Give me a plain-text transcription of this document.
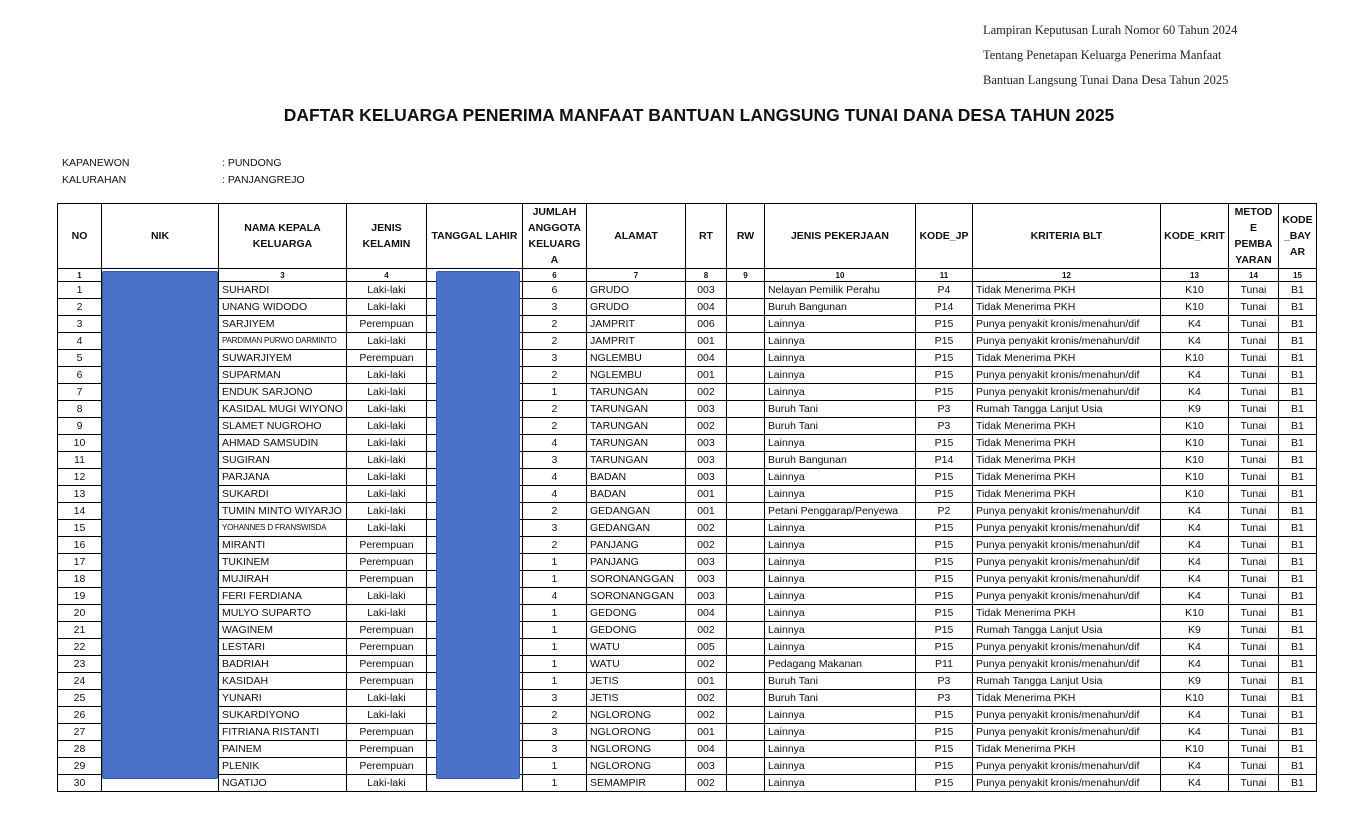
Lampiran Keputusan Lurah Nomor 60 Tahun 2024
Tentang Penetapan Keluarga Penerima Manfaat
Bantuan Langsung Tunai Dana Desa Tahun 2025
DAFTAR KELUARGA PENERIMA MANFAAT BANTUAN LANGSUNG TUNAI DANA DESA TAHUN 2025
KAPANEWON	: PUNDONG
KALURAHAN	: PANJANGREJO
NO	NIK	NAMA KEPALA KELUARGA	JENIS KELAMIN	TANGGAL LAHIR	JUMLAH ANGGOTA KELUARGA	ALAMAT	RT	RW	JENIS PEKERJAAN	KODE_JP	KRITERIA BLT	KODE_KRIT	METODE PEMBAYARAN	KODE_BAYAR
1		3	4		6	7	8	9	10	11	12	13	14	15
1		SUHARDI	Laki-laki		6	GRUDO	003		Nelayan Pemilik Perahu	P4	Tidak Menerima PKH	K10	Tunai	B1
2		UNANG WIDODO	Laki-laki		3	GRUDO	004		Buruh Bangunan	P14	Tidak Menerima PKH	K10	Tunai	B1
3		SARJIYEM	Perempuan		2	JAMPRIT	006		Lainnya	P15	Punya penyakit kronis/menahun/dif	K4	Tunai	B1
4		PARDIMAN PURWO DARMINTO	Laki-laki		2	JAMPRIT	001		Lainnya	P15	Punya penyakit kronis/menahun/dif	K4	Tunai	B1
5		SUWARJIYEM	Perempuan		3	NGLEMBU	004		Lainnya	P15	Tidak Menerima PKH	K10	Tunai	B1
6		SUPARMAN	Laki-laki		2	NGLEMBU	001		Lainnya	P15	Punya penyakit kronis/menahun/dif	K4	Tunai	B1
7		ENDUK SARJONO	Laki-laki		1	TARUNGAN	002		Lainnya	P15	Punya penyakit kronis/menahun/dif	K4	Tunai	B1
8		KASIDAL MUGI WIYONO	Laki-laki		2	TARUNGAN	003		Buruh Tani	P3	Rumah Tangga Lanjut Usia	K9	Tunai	B1
9		SLAMET NUGROHO	Laki-laki		2	TARUNGAN	002		Buruh Tani	P3	Tidak Menerima PKH	K10	Tunai	B1
10		AHMAD SAMSUDIN	Laki-laki		4	TARUNGAN	003		Lainnya	P15	Tidak Menerima PKH	K10	Tunai	B1
11		SUGIRAN	Laki-laki		3	TARUNGAN	003		Buruh Bangunan	P14	Tidak Menerima PKH	K10	Tunai	B1
12		PARJANA	Laki-laki		4	BADAN	003		Lainnya	P15	Tidak Menerima PKH	K10	Tunai	B1
13		SUKARDI	Laki-laki		4	BADAN	001		Lainnya	P15	Tidak Menerima PKH	K10	Tunai	B1
14		TUMIN MINTO WIYARJO	Laki-laki		2	GEDANGAN	001		Petani Penggarap/Penyewa	P2	Punya penyakit kronis/menahun/dif	K4	Tunai	B1
15		YOHANNES D FRANSWISDA	Laki-laki		3	GEDANGAN	002		Lainnya	P15	Punya penyakit kronis/menahun/dif	K4	Tunai	B1
16		MIRANTI	Perempuan		2	PANJANG	002		Lainnya	P15	Punya penyakit kronis/menahun/dif	K4	Tunai	B1
17		TUKINEM	Perempuan		1	PANJANG	003		Lainnya	P15	Punya penyakit kronis/menahun/dif	K4	Tunai	B1
18		MUJIRAH	Perempuan		1	SORONANGGAN	003		Lainnya	P15	Punya penyakit kronis/menahun/dif	K4	Tunai	B1
19		FERI FERDIANA	Laki-laki		4	SORONANGGAN	003		Lainnya	P15	Punya penyakit kronis/menahun/dif	K4	Tunai	B1
20		MULYO SUPARTO	Laki-laki		1	GEDONG	004		Lainnya	P15	Tidak Menerima PKH	K10	Tunai	B1
21		WAGINEM	Perempuan		1	GEDONG	002		Lainnya	P15	Rumah Tangga Lanjut Usia	K9	Tunai	B1
22		LESTARI	Perempuan		1	WATU	005		Lainnya	P15	Punya penyakit kronis/menahun/dif	K4	Tunai	B1
23		BADRIAH	Perempuan		1	WATU	002		Pedagang Makanan	P11	Punya penyakit kronis/menahun/dif	K4	Tunai	B1
24		KASIDAH	Perempuan		1	JETIS	001		Buruh Tani	P3	Rumah Tangga Lanjut Usia	K9	Tunai	B1
25		YUNARI	Laki-laki		3	JETIS	002		Buruh Tani	P3	Tidak Menerima PKH	K10	Tunai	B1
26		SUKARDIYONO	Laki-laki		2	NGLORONG	002		Lainnya	P15	Punya penyakit kronis/menahun/dif	K4	Tunai	B1
27		FITRIANA RISTANTI	Perempuan		3	NGLORONG	001		Lainnya	P15	Punya penyakit kronis/menahun/dif	K4	Tunai	B1
28		PAINEM	Perempuan		3	NGLORONG	004		Lainnya	P15	Tidak Menerima PKH	K10	Tunai	B1
29		PLENIK	Perempuan		1	NGLORONG	003		Lainnya	P15	Punya penyakit kronis/menahun/dif	K4	Tunai	B1
30		NGATIJO	Laki-laki		1	SEMAMPIR	002		Lainnya	P15	Punya penyakit kronis/menahun/dif	K4	Tunai	B1
